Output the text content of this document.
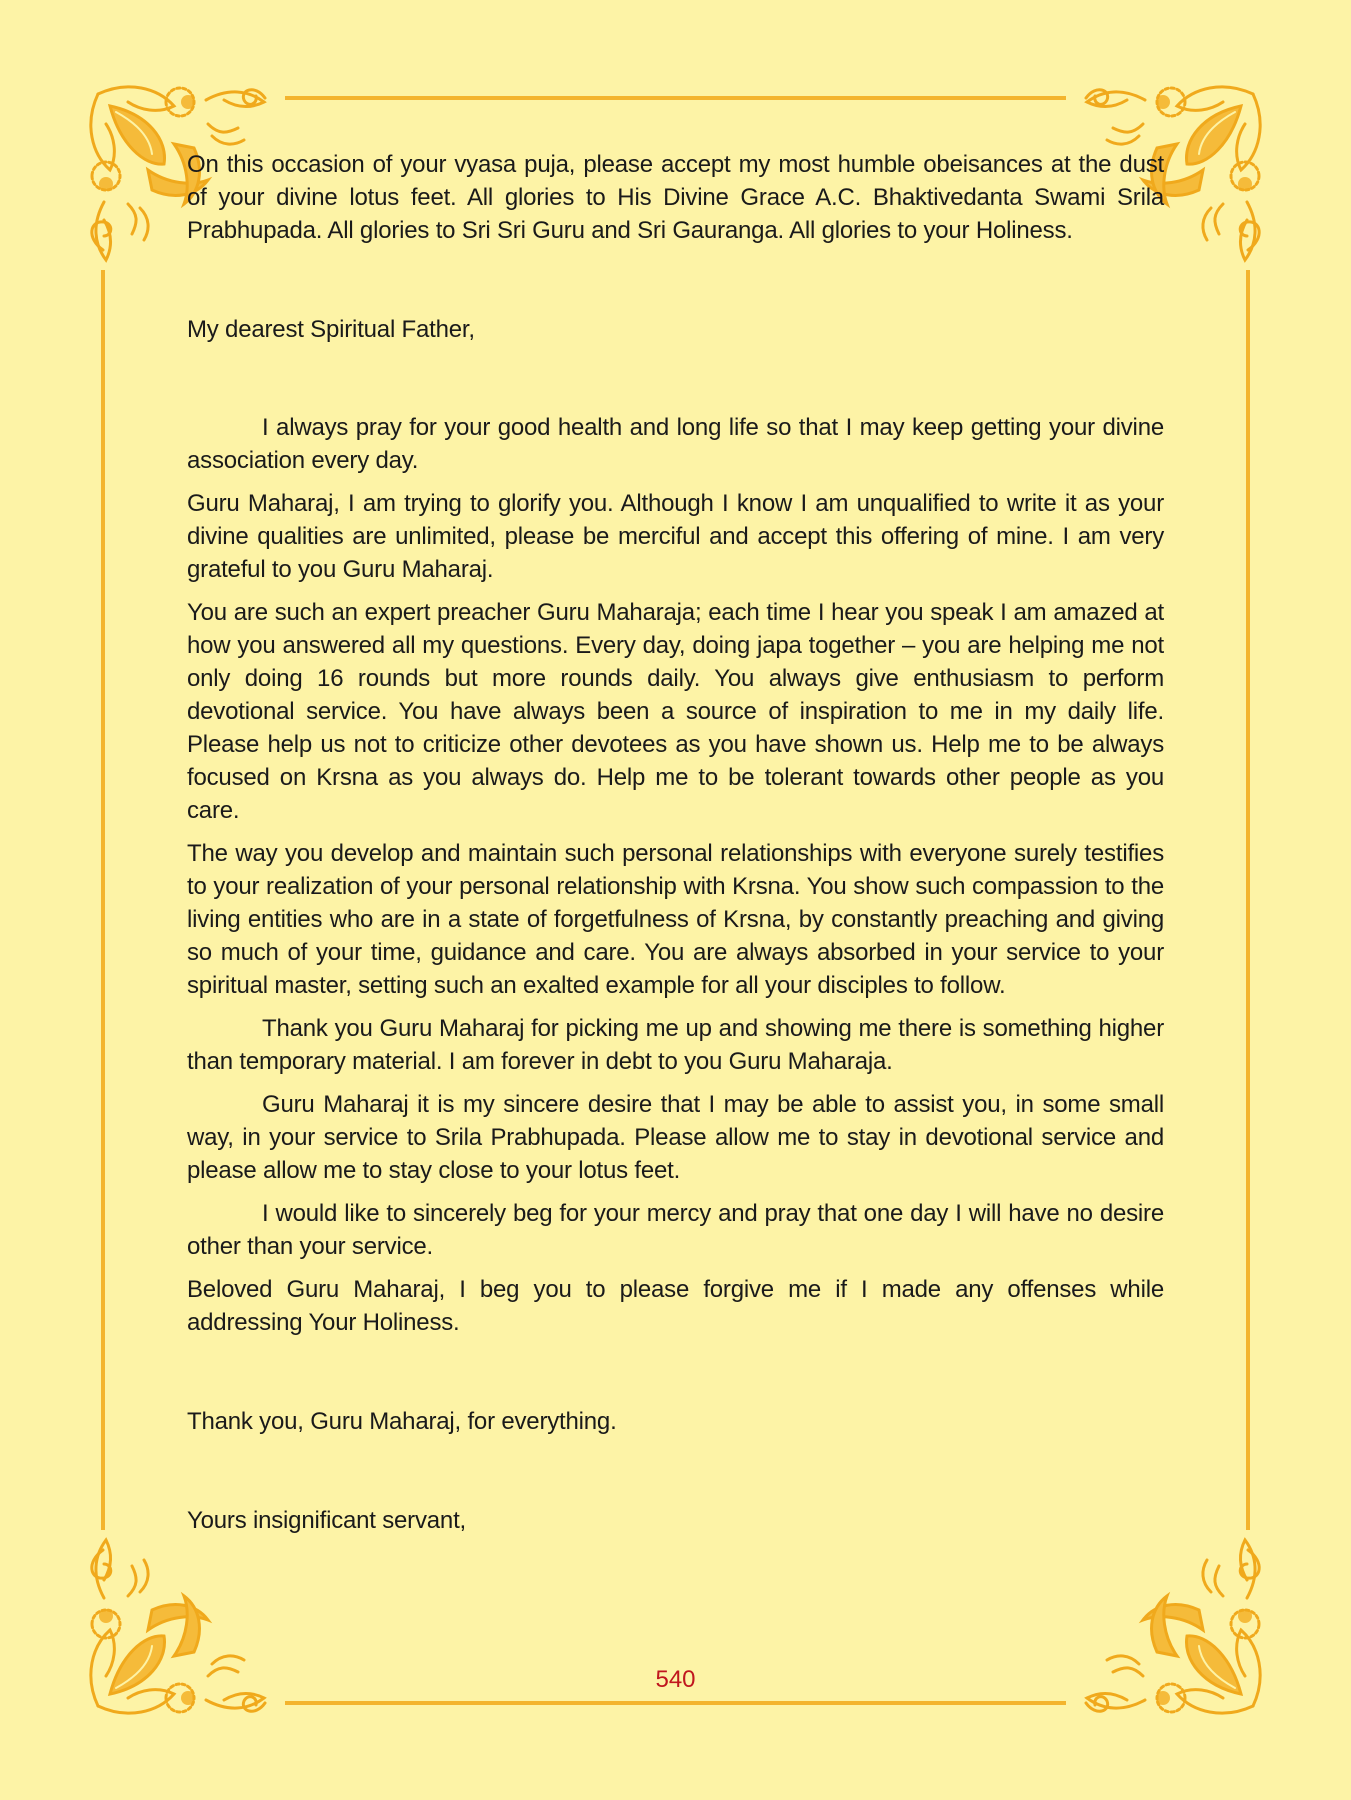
On this occasion of your vyasa puja, please accept my most humble obeisances at the dust of your divine lotus feet. All glories to His Divine Grace A.C. Bhaktivedanta Swami Srila Prabhupada. All glories to Sri Sri Guru and Sri Gauranga. All glories to your Holiness.

My dearest Spiritual Father,

I always pray for your good health and long life so that I may keep getting your divine association every day.

Guru Maharaj, I am trying to glorify you. Although I know I am unqualified to write it as your divine qualities are unlimited, please be merciful and accept this offering of mine. I am very grateful to you Guru Maharaj.

You are such an expert preacher Guru Maharaja; each time I hear you speak I am amazed at how you answered all my questions. Every day, doing japa together – you are helping me not only doing 16 rounds but more rounds daily. You always give enthusiasm to perform devotional service. You have always been a source of inspiration to me in my daily life. Please help us not to criticize other devotees as you have shown us. Help me to be always focused on Krsna as you always do. Help me to be tolerant towards other people as you care.

The way you develop and maintain such personal relationships with everyone surely testifies to your realization of your personal relationship with Krsna. You show such compassion to the living entities who are in a state of forgetfulness of Krsna, by constantly preaching and giving so much of your time, guidance and care. You are always absorbed in your service to your spiritual master, setting such an exalted example for all your disciples to follow.

Thank you Guru Maharaj for picking me up and showing me there is something higher than temporary material. I am forever in debt to you Guru Maharaja.

Guru Maharaj it is my sincere desire that I may be able to assist you, in some small way, in your service to Srila Prabhupada. Please allow me to stay in devotional service and please allow me to stay close to your lotus feet.

I would like to sincerely beg for your mercy and pray that one day I will have no desire other than your service.

Beloved Guru Maharaj, I beg you to please forgive me if I made any offenses while addressing Your Holiness.

Thank you, Guru Maharaj, for everything.

Yours insignificant servant,

540
